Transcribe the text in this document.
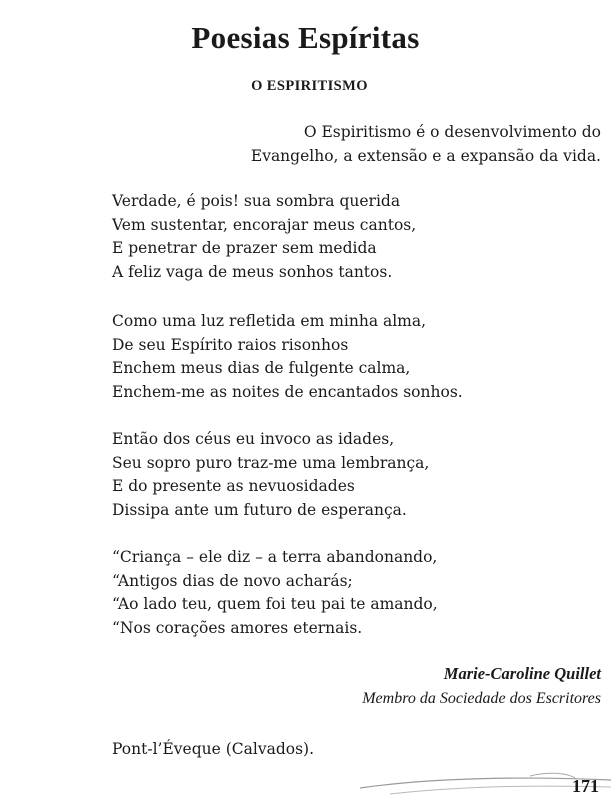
Poesias Espíritas
O ESPIRITISMO
O Espiritismo é o desenvolvimento do
Evangelho, a extensão e a expansão da vida.
Verdade, é pois! sua sombra querida
Vem sustentar, encorajar meus cantos,
E penetrar de prazer sem medida
A feliz vaga de meus sonhos tantos.
Como uma luz refletida em minha alma,
De seu Espírito raios risonhos
Enchem meus dias de fulgente calma,
Enchem-me as noites de encantados sonhos.
Então dos céus eu invoco as idades,
Seu sopro puro traz-me uma lembrança,
E do presente as nevuosidades
Dissipa ante um futuro de esperança.
“Criança – ele diz – a terra abandonando,
“Antigos dias de novo acharás;
“Ao lado teu, quem foi teu pai te amando,
“Nos corações amores eternais.
Marie-Caroline Quillet
Membro da Sociedade dos Escritores
Pont-l’Éveque (Calvados).
171
